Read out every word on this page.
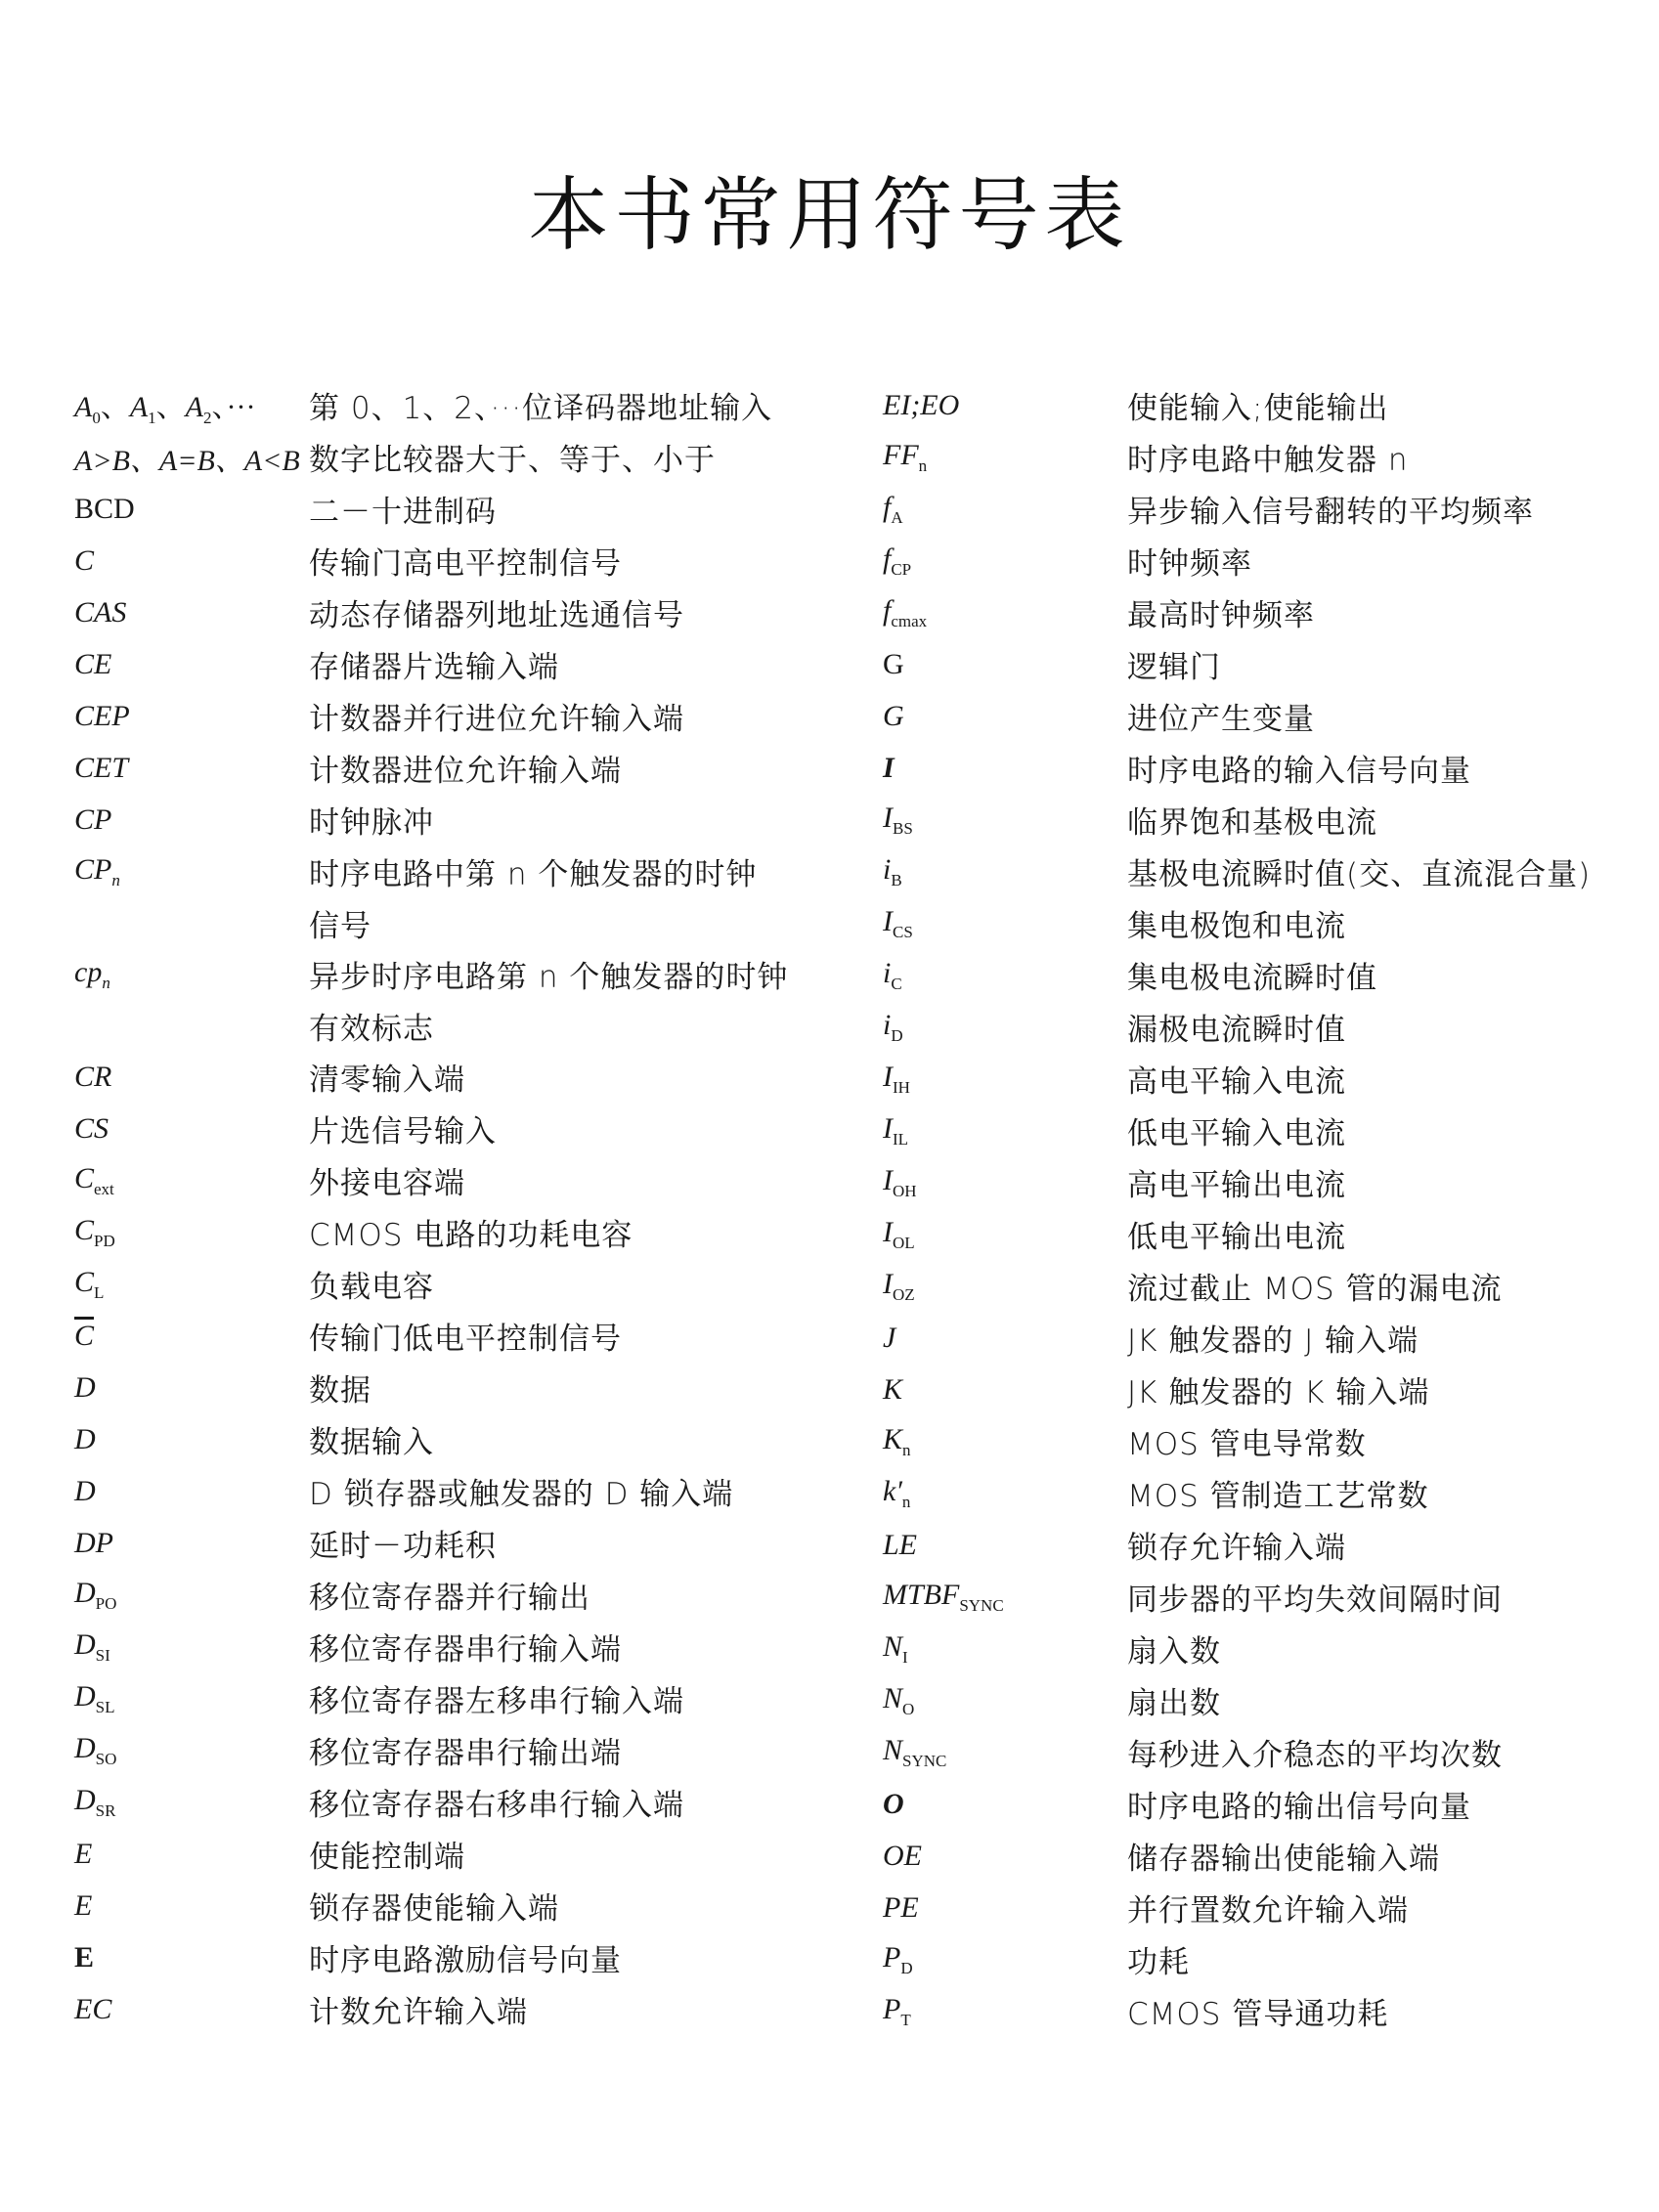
本书常用符号表
$A_0$、$A_1$、$A_2$、···	第 0、1、2、···位译码器地址输入
A>B、A=B、A<B 数字比较器大于、等于、小于
BCD	二－十进制码
C	传输门高电平控制信号
CAS	动态存储器列地址选通信号
CE	存储器片选输入端
CEP	计数器并行进位允许输入端
CET	计数器进位允许输入端
CP	时钟脉冲
$CP_n$	时序电路中第 n 个触发器的时钟
信号
$cp_n$	异步时序电路第 n 个触发器的时钟
有效标志
CR	清零输入端
CS	片选信号输入
$C_{ext}$	外接电容端
$C_{PD}$	CMOS 电路的功耗电容
$C_L$	负载电容
$\overline{C}$	传输门低电平控制信号
D	数据
D	数据输入
D	D 锁存器或触发器的 D 输入端
DP	延时－功耗积
$D_{PO}$	移位寄存器并行输出
$D_{SI}$	移位寄存器串行输入端
$D_{SL}$	移位寄存器左移串行输入端
$D_{SO}$	移位寄存器串行输出端
$D_{SR}$	移位寄存器右移串行输入端
E	使能控制端
E	锁存器使能输入端
E	时序电路激励信号向量
EC	计数允许输入端
EI;EO	使能输入;使能输出
$FF_n$	时序电路中触发器 n
$f_A$	异步输入信号翻转的平均频率
$f_{CP}$	时钟频率
$f_{cmax}$	最高时钟频率
G	逻辑门
G	进位产生变量
I	时序电路的输入信号向量
$I_{BS}$	临界饱和基极电流
$i_B$	基极电流瞬时值(交、直流混合量)
$I_{CS}$	集电极饱和电流
$i_C$	集电极电流瞬时值
$i_D$	漏极电流瞬时值
$I_{IH}$	高电平输入电流
$I_{IL}$	低电平输入电流
$I_{OH}$	高电平输出电流
$I_{OL}$	低电平输出电流
$I_{OZ}$	流过截止 MOS 管的漏电流
J	JK 触发器的 J 输入端
K	JK 触发器的 K 输入端
$K_n$	MOS 管电导常数
$k'_n$	MOS 管制造工艺常数
LE	锁存允许输入端
$MTBF_{SYNC}$	同步器的平均失效间隔时间
$N_I$	扇入数
$N_O$	扇出数
$N_{SYNC}$	每秒进入介稳态的平均次数
O	时序电路的输出信号向量
OE	储存器输出使能输入端
PE	并行置数允许输入端
$P_D$	功耗
$P_T$	CMOS 管导通功耗
